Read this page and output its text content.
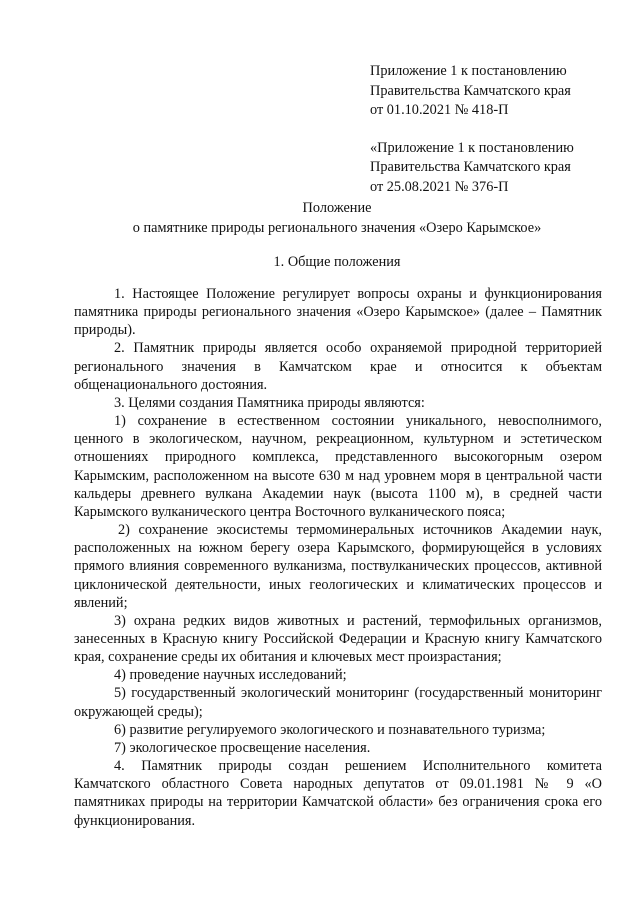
Приложение 1 к постановлению
Правительства Камчатского края
от 01.10.2021 № 418-П
«Приложение 1 к постановлению
Правительства Камчатского края
от 25.08.2021 № 376-П
Положение
о памятнике природы регионального значения «Озеро Карымское»
1. Общие положения

1. Настоящее Положение регулирует вопросы охраны и функционирования памятника природы регионального значения «Озеро Карымское» (далее – Памятник природы).

2. Памятник природы является особо охраняемой природной территорией регионального значения в Камчатском крае и относится к объектам общенационального достояния.

3. Целями создания Памятника природы являются:

1) сохранение в естественном состоянии уникального, невосполнимого, ценного в экологическом, научном, рекреационном, культурном и эстетическом отношениях природного комплекса, представленного высокогорным озером Карымским, расположенном на высоте 630 м над уровнем моря в центральной части кальдеры древнего вулкана Академии наук (высота 1100 м), в средней части Карымского вулканического центра Восточного вулканического пояса;

2) сохранение экосистемы термоминеральных источников Академии наук, расположенных на южном берегу озера Карымского, формирующейся в условиях прямого влияния современного вулканизма, поствулканических процессов, активной циклонической деятельности, иных геологических и климатических процессов и явлений;

3) охрана редких видов животных и растений, термофильных организмов, занесенных в Красную книгу Российской Федерации и Красную книгу Камчатского края, сохранение среды их обитания и ключевых мест произрастания;

4) проведение научных исследований;

5) государственный экологический мониторинг (государственный мониторинг окружающей среды);

6) развитие регулируемого экологического и познавательного туризма;

7) экологическое просвещение населения.

4. Памятник природы создан решением Исполнительного комитета Камчатского областного Совета народных депутатов от 09.01.1981 № 9 «О памятниках природы на территории Камчатской области» без ограничения срока его функционирования.
